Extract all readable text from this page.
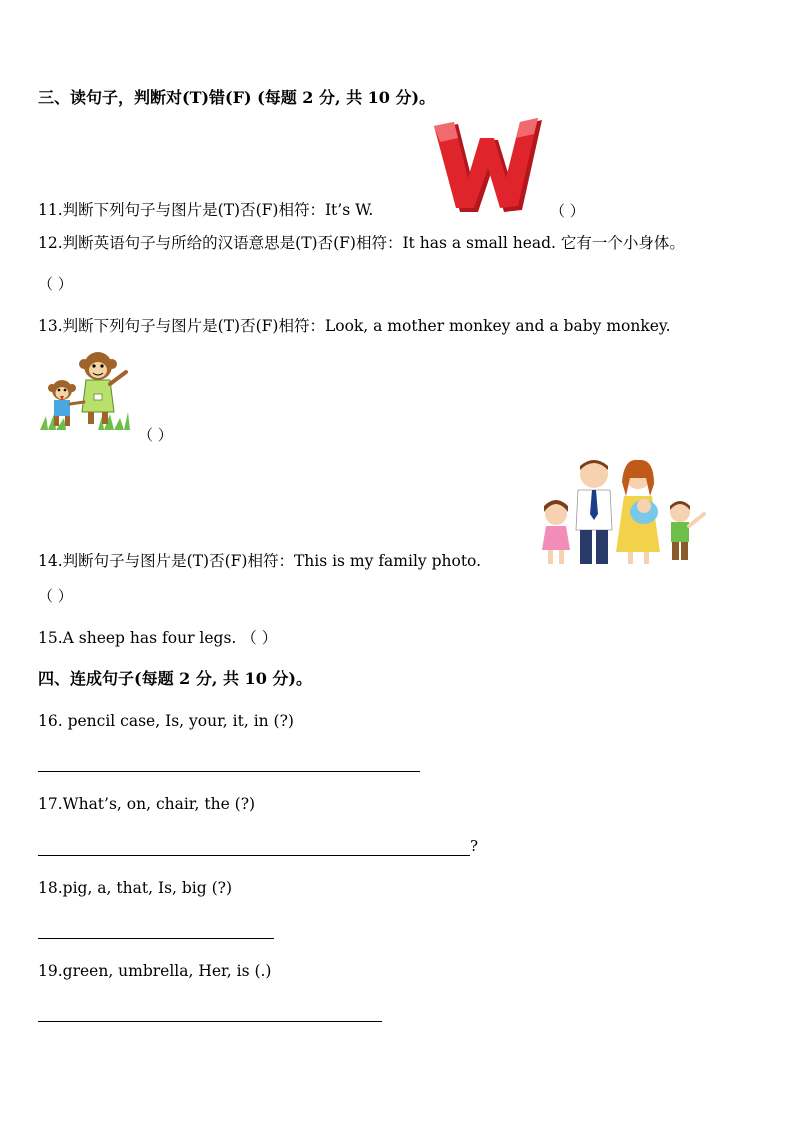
三、读句子，判断对(T)错(F) (每题 2 分, 共 10 分)。
11.判断下列句子与图片是(T)否(F)相符：It’s W.	（ ）
12.判断英语句子与所给的汉语意思是(T)否(F)相符：It has a small head. 它有一个小身体。
（ ）
13.判断下列句子与图片是(T)否(F)相符：Look, a mother monkey and a baby monkey.
（ ）
14.判断句子与图片是(T)否(F)相符：This is my family photo.
（ ）
15.A sheep has four legs. （ ）
四、连成句子(每题 2 分, 共 10 分)。
16. pencil case, Is, your, it, in (?)
17.What’s, on, chair, the (?)
?
18.pig, a, that, Is, big (?)
19.green, umbrella, Her, is (.)
